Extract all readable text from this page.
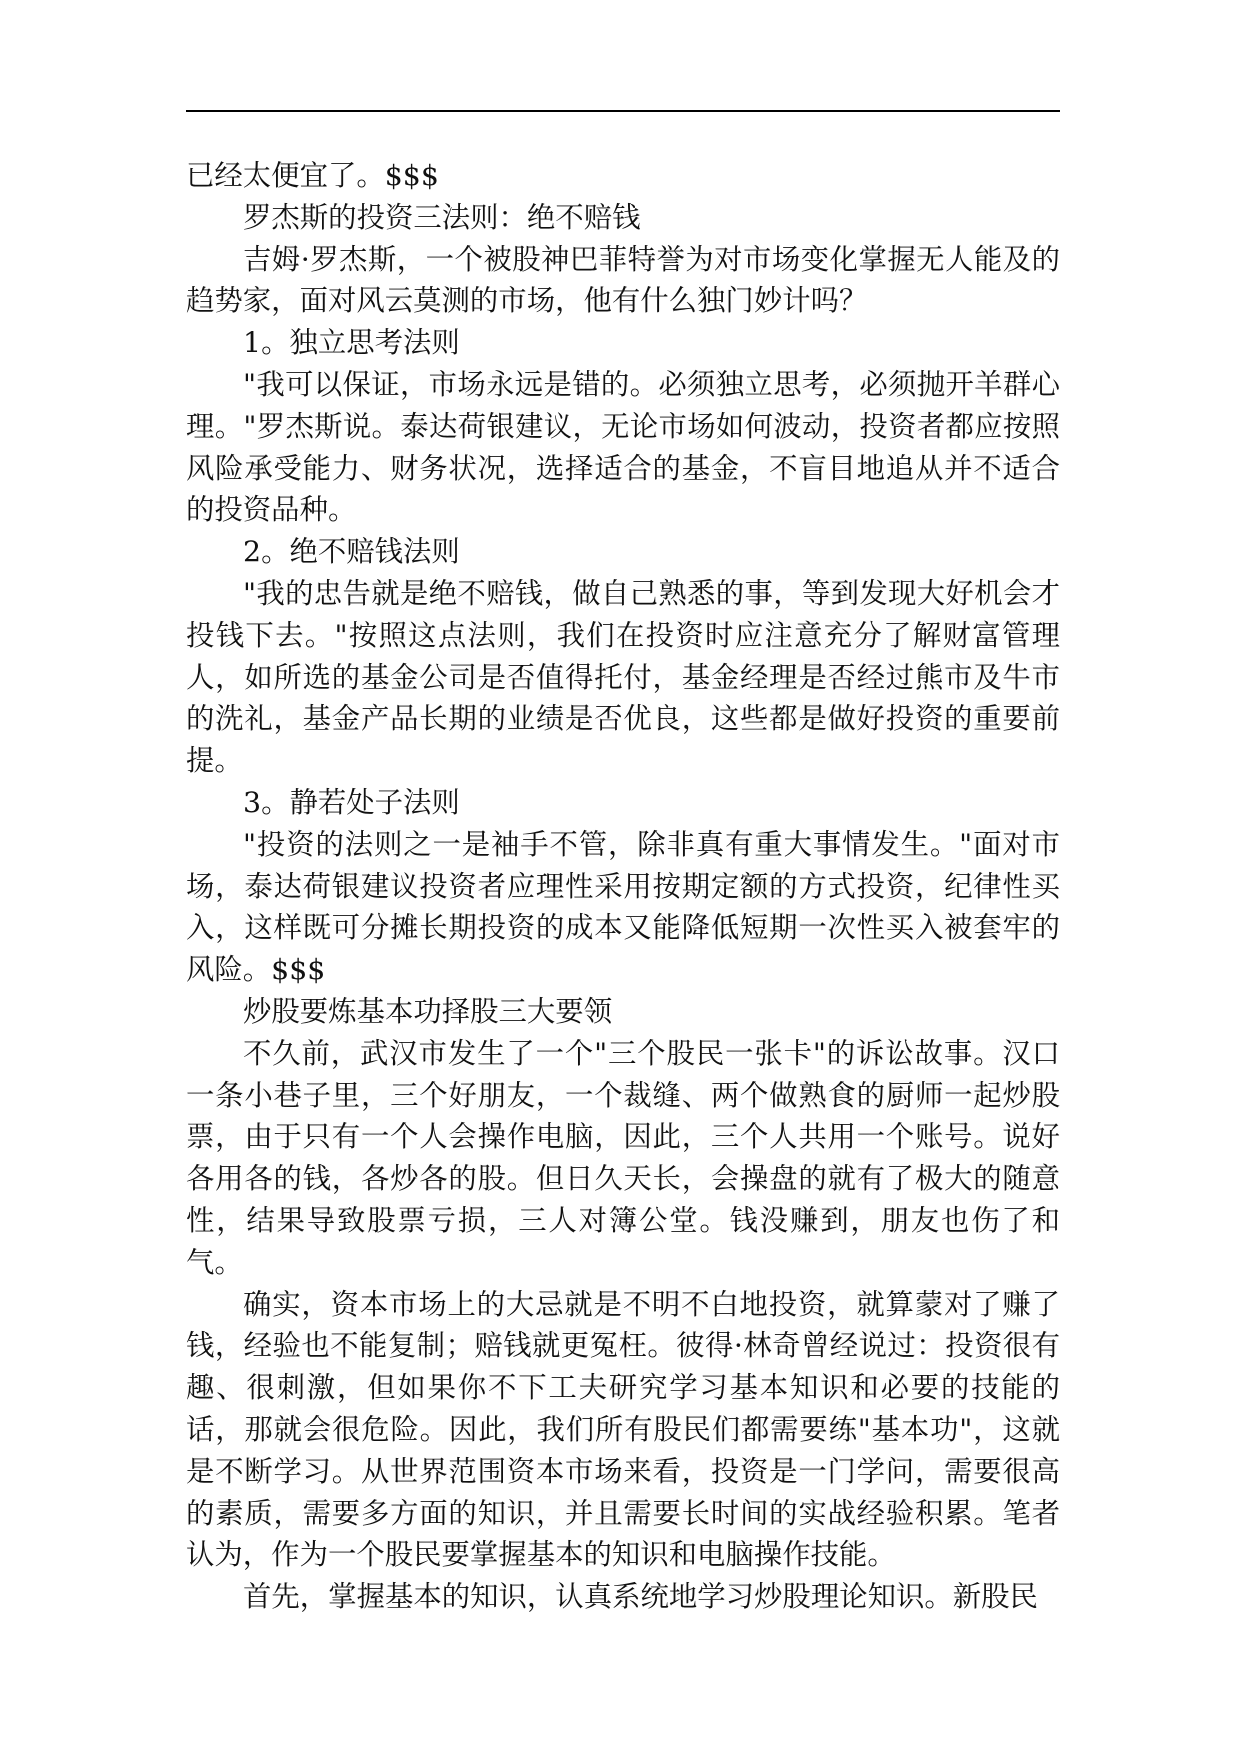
已经太便宜了。$$$

罗杰斯的投资三法则：绝不赔钱

吉姆·罗杰斯，一个被股神巴菲特誉为对市场变化掌握无人能及的趋势家，面对风云莫测的市场，他有什么独门妙计吗？

1。独立思考法则

"我可以保证，市场永远是错的。必须独立思考，必须抛开羊群心理。"罗杰斯说。泰达荷银建议，无论市场如何波动，投资者都应按照风险承受能力、财务状况，选择适合的基金，不盲目地追从并不适合的投资品种。

2。绝不赔钱法则

"我的忠告就是绝不赔钱，做自己熟悉的事，等到发现大好机会才投钱下去。"按照这点法则，我们在投资时应注意充分了解财富管理人，如所选的基金公司是否值得托付，基金经理是否经过熊市及牛市的洗礼，基金产品长期的业绩是否优良，这些都是做好投资的重要前提。

3。静若处子法则

"投资的法则之一是袖手不管，除非真有重大事情发生。"面对市场，泰达荷银建议投资者应理性采用按期定额的方式投资，纪律性买入，这样既可分摊长期投资的成本又能降低短期一次性买入被套牢的风险。$$$

炒股要炼基本功择股三大要领

不久前，武汉市发生了一个"三个股民一张卡"的诉讼故事。汉口一条小巷子里，三个好朋友，一个裁缝、两个做熟食的厨师一起炒股票，由于只有一个人会操作电脑，因此，三个人共用一个账号。说好各用各的钱，各炒各的股。但日久天长，会操盘的就有了极大的随意性，结果导致股票亏损，三人对簿公堂。钱没赚到，朋友也伤了和气。

确实，资本市场上的大忌就是不明不白地投资，就算蒙对了赚了钱，经验也不能复制；赔钱就更冤枉。彼得·林奇曾经说过：投资很有趣、很刺激，但如果你不下工夫研究学习基本知识和必要的技能的话，那就会很危险。因此，我们所有股民们都需要练"基本功"，这就是不断学习。从世界范围资本市场来看，投资是一门学问，需要很高的素质，需要多方面的知识，并且需要长时间的实战经验积累。笔者认为，作为一个股民要掌握基本的知识和电脑操作技能。

首先，掌握基本的知识，认真系统地学习炒股理论知识。新股民
